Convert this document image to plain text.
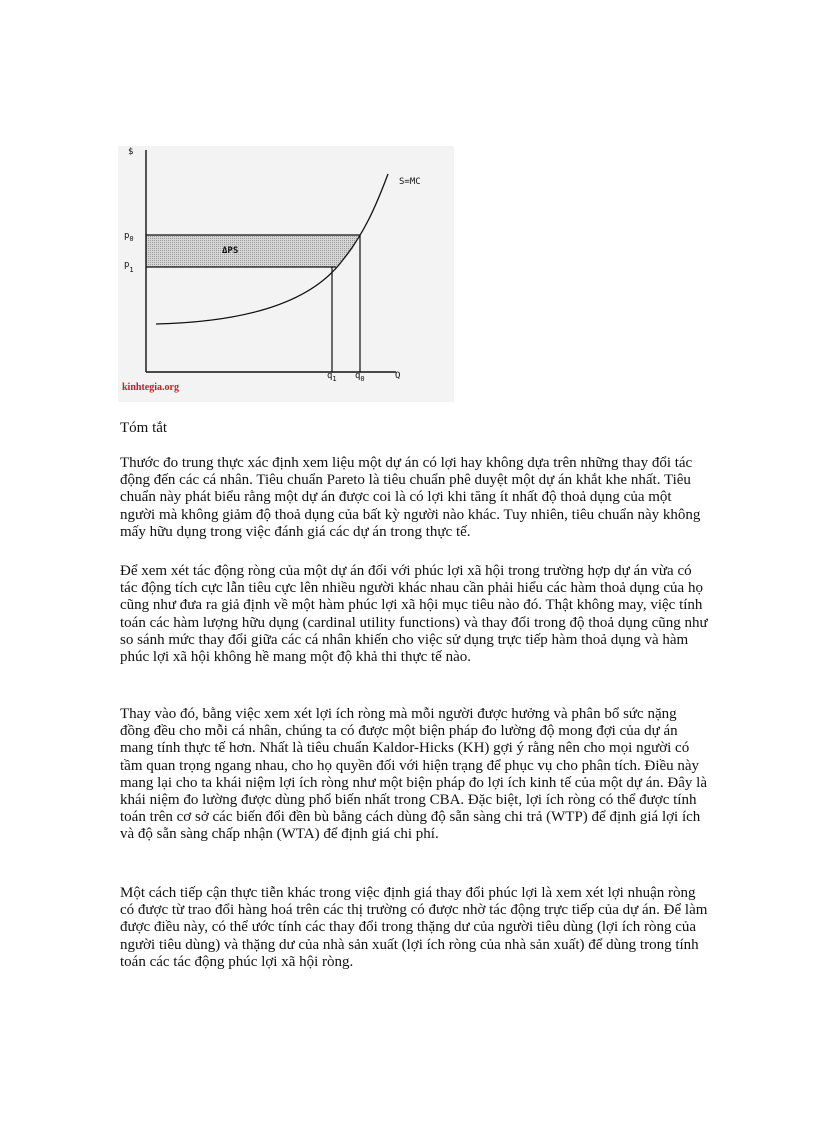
$
Q
$p_0$
$p_1$
$q_1$ $q_0$
S=MC
ΔPS
kinhtegia.org
Tóm tắt

Thước đo trung thực xác định xem liệu một dự án có lợi hay không dựa trên những thay đổi tác động đến các cá nhân. Tiêu chuẩn Pareto là tiêu chuẩn phê duyệt một dự án khắt khe nhất. Tiêu chuẩn này phát biểu rằng một dự án được coi là có lợi khi tăng ít nhất độ thoả dụng của một người mà không giảm độ thoả dụng của bất kỳ người nào khác. Tuy nhiên, tiêu chuẩn này không mấy hữu dụng trong việc đánh giá các dự án trong thực tế.

Để xem xét tác động ròng của một dự án đối với phúc lợi xã hội trong trường hợp dự án vừa có tác động tích cực lẫn tiêu cực lên nhiều người khác nhau cần phải hiểu các hàm thoả dụng của họ cũng như đưa ra giả định về một hàm phúc lợi xã hội mục tiêu nào đó. Thật không may, việc tính toán các hàm lượng hữu dụng (cardinal utility functions) và thay đổi trong độ thoả dụng cũng như so sánh mức thay đổi giữa các cá nhân khiến cho việc sử dụng trực tiếp hàm thoả dụng và hàm phúc lợi xã hội không hề mang một độ khả thi thực tế nào.

Thay vào đó, bằng việc xem xét lợi ích ròng mà mỗi người được hưởng và phân bổ sức nặng đồng đều cho mỗi cá nhân, chúng ta có được một biện pháp đo lường độ mong đợi của dự án mang tính thực tế hơn. Nhất là tiêu chuẩn Kaldor-Hicks (KH) gợi ý rằng nên cho mọi người có tầm quan trọng ngang nhau, cho họ quyền đối với hiện trạng để phục vụ cho phân tích. Điều này mang lại cho ta khái niệm lợi ích ròng như một biện pháp đo lợi ích kinh tế của một dự án. Đây là khái niệm đo lường được dùng phổ biến nhất trong CBA. Đặc biệt, lợi ích ròng có thể được tính toán trên cơ sở các biến đổi đền bù bằng cách dùng độ sẵn sàng chi trả (WTP) để định giá lợi ích và độ sẵn sàng chấp nhận (WTA) để định giá chi phí.

Một cách tiếp cận thực tiễn khác trong việc định giá thay đổi phúc lợi là xem xét lợi nhuận ròng có được từ trao đổi hàng hoá trên các thị trường có được nhờ tác động trực tiếp của dự án. Để làm được điều này, có thể ước tính các thay đổi trong thặng dư của người tiêu dùng (lợi ích ròng của người tiêu dùng) và thặng dư của nhà sản xuất (lợi ích ròng của nhà sản xuất) để dùng trong tính toán các tác động phúc lợi xã hội ròng.
